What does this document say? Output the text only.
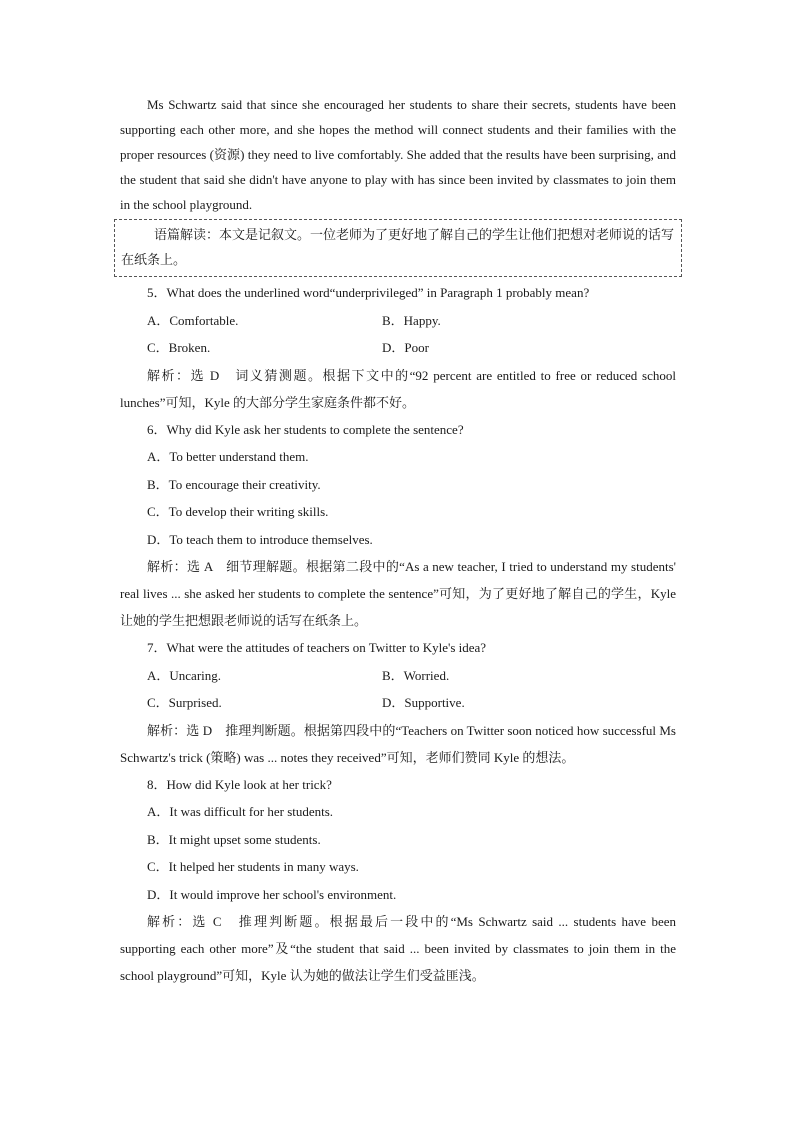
Ms Schwartz said that since she encouraged her students to share their secrets, students have been supporting each other more, and she hopes the method will connect students and their families with the proper resources (资源) they need to live comfortably. She added that the results have been surprising, and the student that said she didn't have anyone to play with has since been invited by classmates to join them in the school playground.

语篇解读：本文是记叙文。一位老师为了更好地了解自己的学生让他们把想对老师说的话写在纸条上。

5．What does the underlined word“underprivileged” in Paragraph 1 probably mean?

A．Comfortable.	B．Happy.
C．Broken.	D．Poor

解析：选 D　词义猜测题。根据下文中的“92 percent are entitled to free or reduced school lunches”可知，Kyle 的大部分学生家庭条件都不好。

6．Why did Kyle ask her students to complete the sentence?

A．To better understand them.

B．To encourage their creativity.

C．To develop their writing skills.

D．To teach them to introduce themselves.

解析：选 A　细节理解题。根据第二段中的“As a new teacher, I tried to understand my students' real lives ... she asked her students to complete the sentence”可知，为了更好地了解自己的学生，Kyle 让她的学生把想跟老师说的话写在纸条上。

7．What were the attitudes of teachers on Twitter to Kyle's idea?

A．Uncaring.	B．Worried.
C．Surprised.	D．Supportive.

解析：选 D　推理判断题。根据第四段中的“Teachers on Twitter soon noticed how successful Ms Schwartz's trick (策略) was ... notes they received”可知，老师们赞同 Kyle 的想法。

8．How did Kyle look at her trick?

A．It was difficult for her students.

B．It might upset some students.

C．It helped her students in many ways.

D．It would improve her school's environment.

解析：选 C　推理判断题。根据最后一段中的“Ms Schwartz said ... students have been supporting each other more”及“the student that said ... been invited by classmates to join them in the school playground”可知，Kyle 认为她的做法让学生们受益匪浅。
